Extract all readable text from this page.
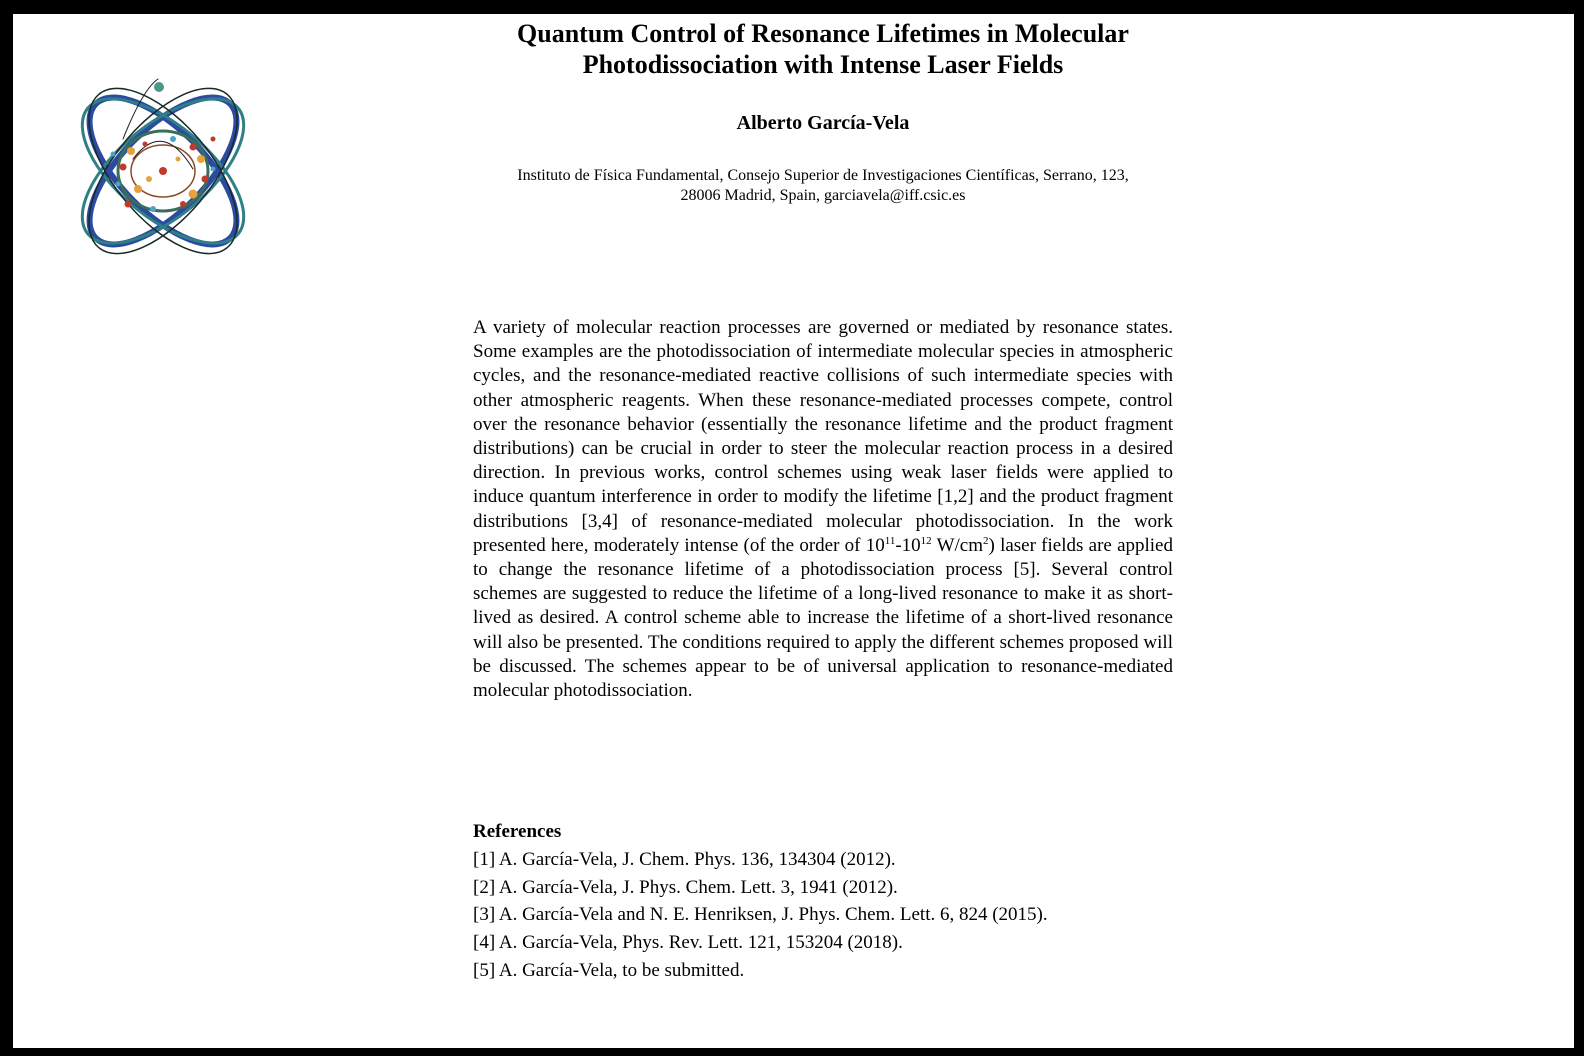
Quantum Control of Resonance Lifetimes in Molecular
Photodissociation with Intense Laser Fields
Alberto García-Vela
Instituto de Física Fundamental, Consejo Superior de Investigaciones Científicas, Serrano, 123,
28006 Madrid, Spain, garciavela@iff.csic.es

A variety of molecular reaction processes are governed or mediated by resonance states. Some examples are the photodissociation of intermediate molecular species in atmospheric cycles, and the resonance-mediated reactive collisions of such intermediate species with other atmospheric reagents. When these resonance-mediated processes compete, control over the resonance behavior (essentially the resonance lifetime and the product fragment distributions) can be crucial in order to steer the molecular reaction process in a desired direction. In previous works, control schemes using weak laser fields were applied to induce quantum interference in order to modify the lifetime [1,2] and the product fragment distributions [3,4] of resonance-mediated molecular photodissociation. In the work presented here, moderately intense (of the order of $10^{11}-10^{12}$ $W/cm^2$) laser fields are applied to change the resonance lifetime of a photodissociation process [5]. Several control schemes are suggested to reduce the lifetime of a long-lived resonance to make it as short-lived as desired. A control scheme able to increase the lifetime of a short-lived resonance will also be presented. The conditions required to apply the different schemes proposed will be discussed. The schemes appear to be of universal application to resonance-mediated molecular photodissociation.

References
[1] A. García-Vela, J. Chem. Phys. 136, 134304 (2012).
[2] A. García-Vela, J. Phys. Chem. Lett. 3, 1941 (2012).
[3] A. García-Vela and N. E. Henriksen, J. Phys. Chem. Lett. 6, 824 (2015).
[4] A. García-Vela, Phys. Rev. Lett. 121, 153204 (2018).
[5] A. García-Vela, to be submitted.
